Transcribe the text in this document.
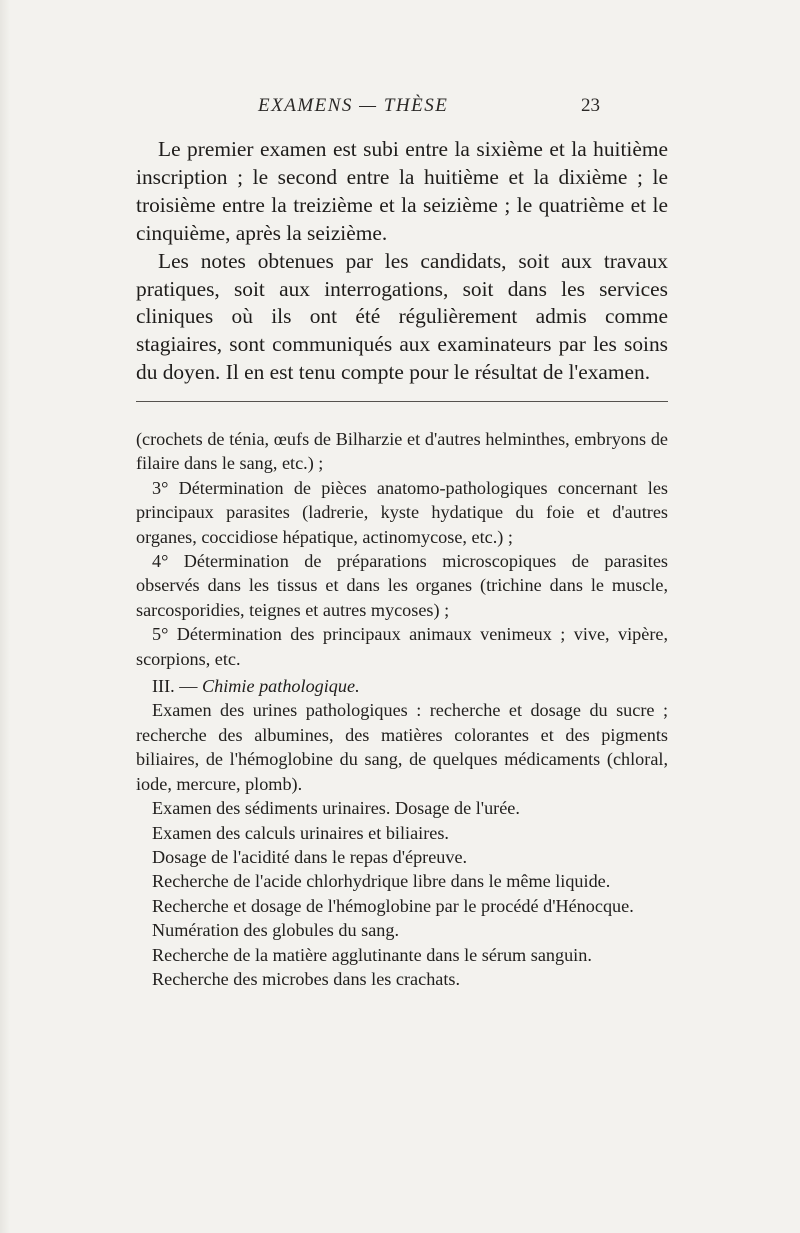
EXAMENS — THÈSE	23

Le premier examen est subi entre la sixième et la huitième inscription ; le second entre la huitième et la dixième ; le troisième entre la treizième et la seizième ; le quatrième et le cinquième, après la seizième.

Les notes obtenues par les candidats, soit aux travaux pratiques, soit aux interrogations, soit dans les services cliniques où ils ont été régulièrement admis comme stagiaires, sont communiqués aux examinateurs par les soins du doyen. Il en est tenu compte pour le résultat de l'examen.

(crochets de ténia, œufs de Bilharzie et d'autres helminthes, embryons de filaire dans le sang, etc.) ;

3° Détermination de pièces anatomo-pathologiques concernant les principaux parasites (ladrerie, kyste hydatique du foie et d'autres organes, coccidiose hépatique, actinomycose, etc.) ;

4° Détermination de préparations microscopiques de parasites observés dans les tissus et dans les organes (trichine dans le muscle, sarcosporidies, teignes et autres mycoses) ;

5° Détermination des principaux animaux venimeux ; vive, vipère, scorpions, etc.

III. — Chimie pathologique.

Examen des urines pathologiques : recherche et dosage du sucre ; recherche des albumines, des matières colorantes et des pigments biliaires, de l'hémoglobine du sang, de quelques médicaments (chloral, iode, mercure, plomb).

Examen des sédiments urinaires. Dosage de l'urée.

Examen des calculs urinaires et biliaires.

Dosage de l'acidité dans le repas d'épreuve.

Recherche de l'acide chlorhydrique libre dans le même liquide.

Recherche et dosage de l'hémoglobine par le procédé d'Hénocque.

Numération des globules du sang.

Recherche de la matière agglutinante dans le sérum sanguin.

Recherche des microbes dans les crachats.
